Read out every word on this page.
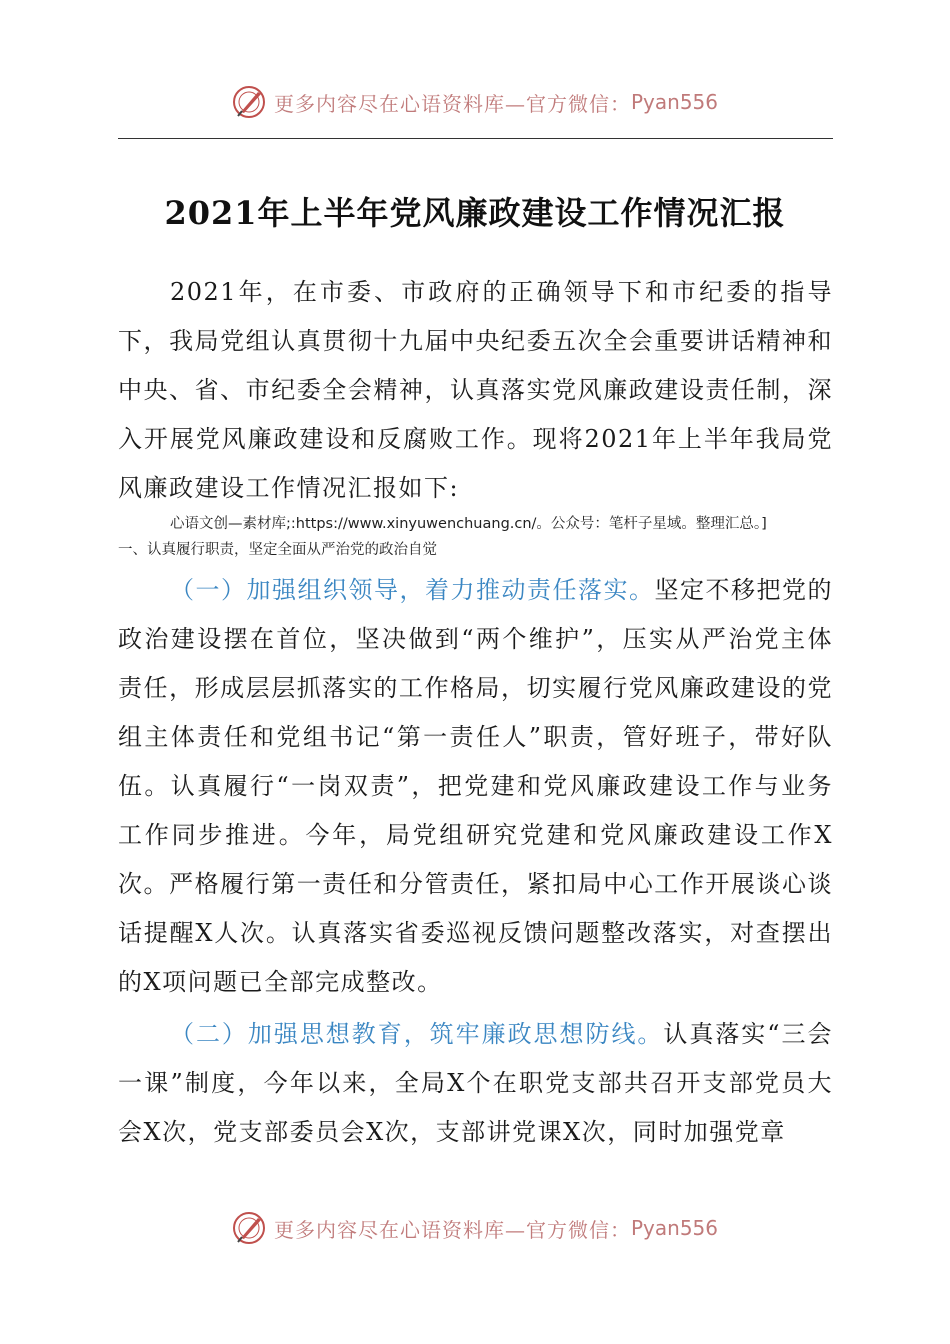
更多内容尽在心语资料库—官方微信： Pyan556
2021年上半年党风廉政建设工作情况汇报
2021年，在市委、市政府的正确领导下和市纪委的指导下，我局党组认真贯彻十九届中央纪委五次全会重要讲话精神和中央、省、市纪委全会精神，认真落实党风廉政建设责任制，深入开展党风廉政建设和反腐败工作。现将2021年上半年我局党风廉政建设工作情况汇报如下:
心语文创—素材库;:https://www.xinyuwenchuang.cn/。公众号：笔杆子星域。整理汇总。]
一、认真履行职责，坚定全面从严治党的政治自觉
（一）加强组织领导，着力推动责任落实。坚定不移把党的政治建设摆在首位，坚决做到“两个维护”，压实从严治党主体责任，形成层层抓落实的工作格局，切实履行党风廉政建设的党组主体责任和党组书记“第一责任人”职责，管好班子，带好队伍。认真履行“一岗双责”，把党建和党风廉政建设工作与业务工作同步推进。今年，局党组研究党建和党风廉政建设工作X次。严格履行第一责任和分管责任，紧扣局中心工作开展谈心谈话提醒X人次。认真落实省委巡视反馈问题整改落实，对查摆出的X项问题已全部完成整改。
（二）加强思想教育，筑牢廉政思想防线。认真落实“三会一课”制度，今年以来，全局X个在职党支部共召开支部党员大会X次，党支部委员会X次，支部讲党课X次，同时加强党章
更多内容尽在心语资料库—官方微信： Pyan556
